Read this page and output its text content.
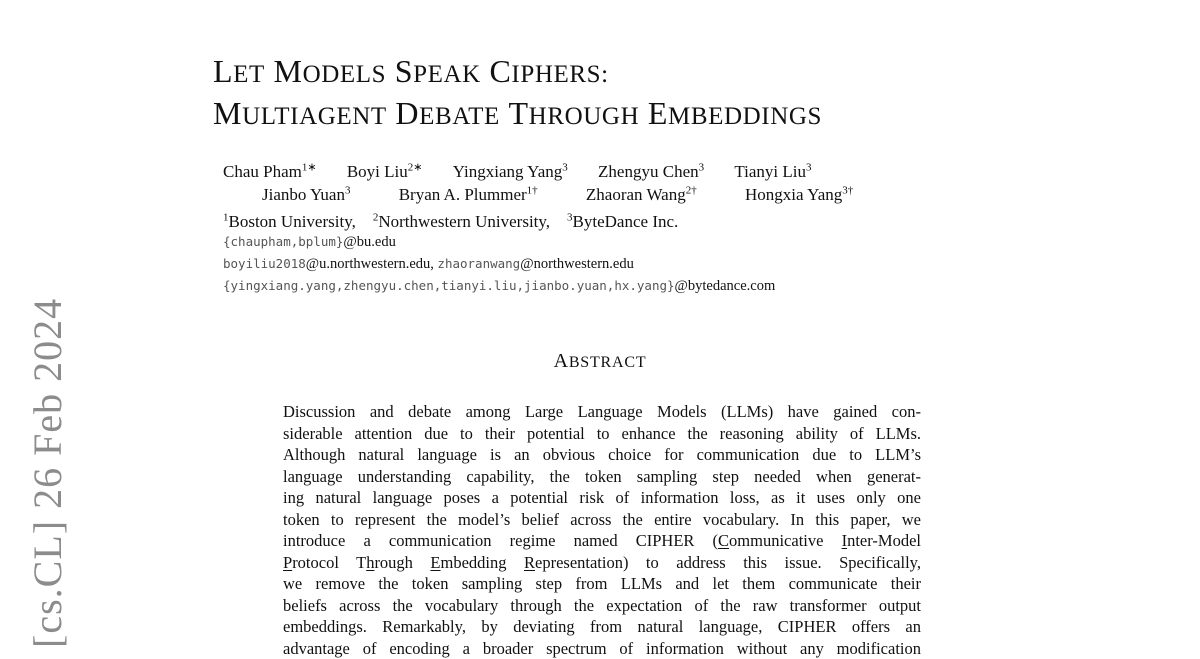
LET MODELS SPEAK CIPHERS:
MULTIAGENT DEBATE THROUGH EMBEDDINGS
Chau Pham$^{1∗}$ Boyi Liu$^{2∗}$ Yingxiang Yang$^3$ Zhengyu Chen$^3$ Tianyi Liu$^3$
Jianbo Yuan$^3$	Bryan A. Plummer$^{1\dagger}$	Zhaoran Wang$^{2\dagger}$	Hongxia Yang$^{3\dagger}$
$^1$Boston University, $^2$Northwestern University, $^3$ByteDance Inc.
{chaupham,bplum}@bu.edu
boyiliu2018@u.northwestern.edu, zhaoranwang@northwestern.edu
{yingxiang.yang,zhengyu.chen,tianyi.liu,jianbo.yuan,hx.yang}@bytedance.com
ABSTRACT
Discussion and debate among Large Language Models (LLMs) have gained con-
siderable attention due to their potential to enhance the reasoning ability of LLMs.
Although natural language is an obvious choice for communication due to LLM’s
language understanding capability, the token sampling step needed when generat-
ing natural language poses a potential risk of information loss, as it uses only one
token to represent the model’s belief across the entire vocabulary. In this paper, we
introduce a communication regime named CIPHER (Communicative Inter-Model
Protocol Through Embedding Representation) to address this issue. Specifically,
we remove the token sampling step from LLMs and let them communicate their
beliefs across the vocabulary through the expectation of the raw transformer output
embeddings. Remarkably, by deviating from natural language, CIPHER offers an
advantage of encoding a broader spectrum of information without any modification
[cs.CL] 26 Feb 2024
